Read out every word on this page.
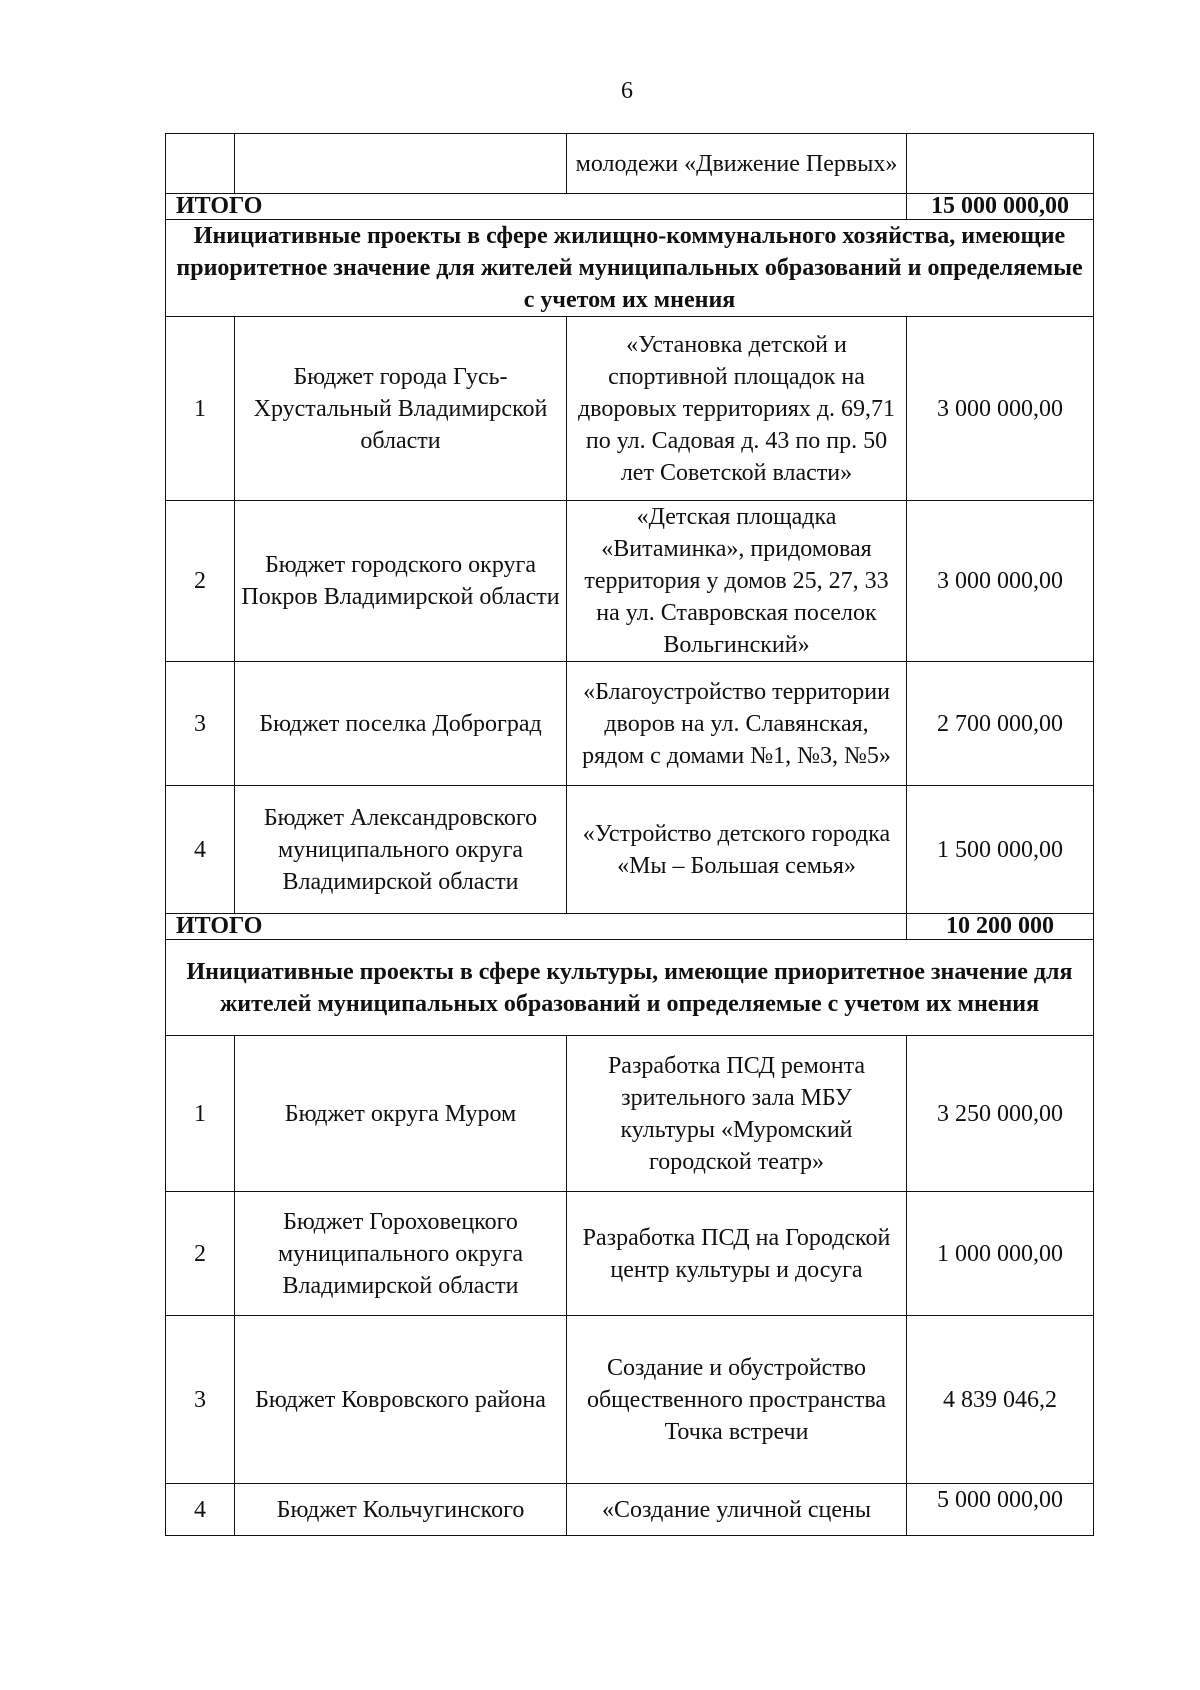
6
		молодежи «Движение Первых»	
ИТОГО			15 000 000,00
Инициативные проекты в сфере жилищно-коммунального хозяйства, имеющие приоритетное значение для жителей муниципальных образований и определяемые с учетом их мнения			
1	Бюджет города Гусь-Хрустальный Владимирской области	«Установка детской и спортивной площадок на дворовых территориях д. 69,71 по ул. Садовая д. 43 по пр. 50 лет Советской власти»	3 000 000,00
2	Бюджет городского округа Покров Владимирской области	«Детская площадка «Витаминка», придомовая территория у домов 25, 27, 33 на ул. Ставровская поселок Вольгинский»	3 000 000,00
3	Бюджет поселка Доброград	«Благоустройство территории дворов на ул. Славянская, рядом с домами №1, №3, №5»	2 700 000,00
4	Бюджет Александровского муниципального округа Владимирской области	«Устройство детского городка «Мы – Большая семья»	1 500 000,00
ИТОГО			10 200 000
Инициативные проекты в сфере культуры, имеющие приоритетное значение для жителей муниципальных образований и определяемые с учетом их мнения			
1	Бюджет округа Муром	Разработка ПСД ремонта зрительного зала МБУ культуры «Муромский городской театр»	3 250 000,00
2	Бюджет Гороховецкого муниципального округа Владимирской области	Разработка ПСД на Городской центр культуры и досуга	1 000 000,00
3	Бюджет Ковровского района	Создание и обустройство общественного пространства Точка встречи	4 839 046,2
4	Бюджет Кольчугинского	«Создание уличной сцены	5 000 000,00
